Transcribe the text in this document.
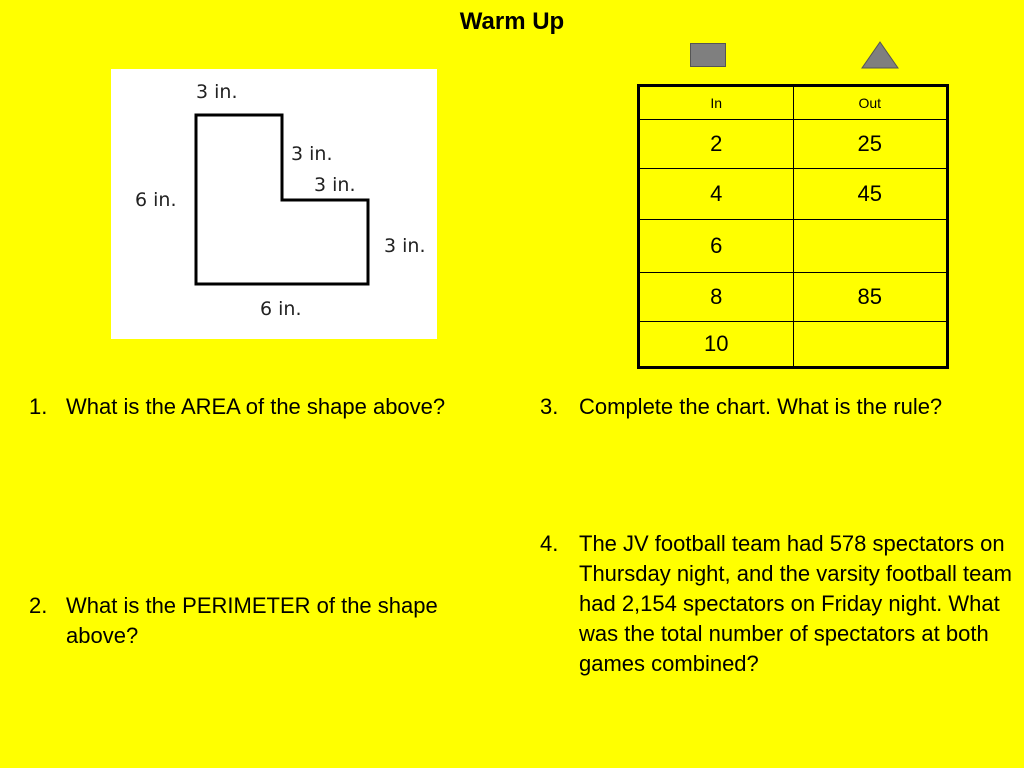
Warm Up
3 in.
6 in.
3 in.
3 in.
3 in.
6 in.
In	Out
2	25
4	45
6	
8	85
10	
1. What is the AREA of the shape above?
2. What is the PERIMETER of the shape above?
3. Complete the chart. What is the rule?
4. The JV football team had 578 spectators on Thursday night, and the varsity football team had 2,154 spectators on Friday night. What was the total number of spectators at both games combined?
